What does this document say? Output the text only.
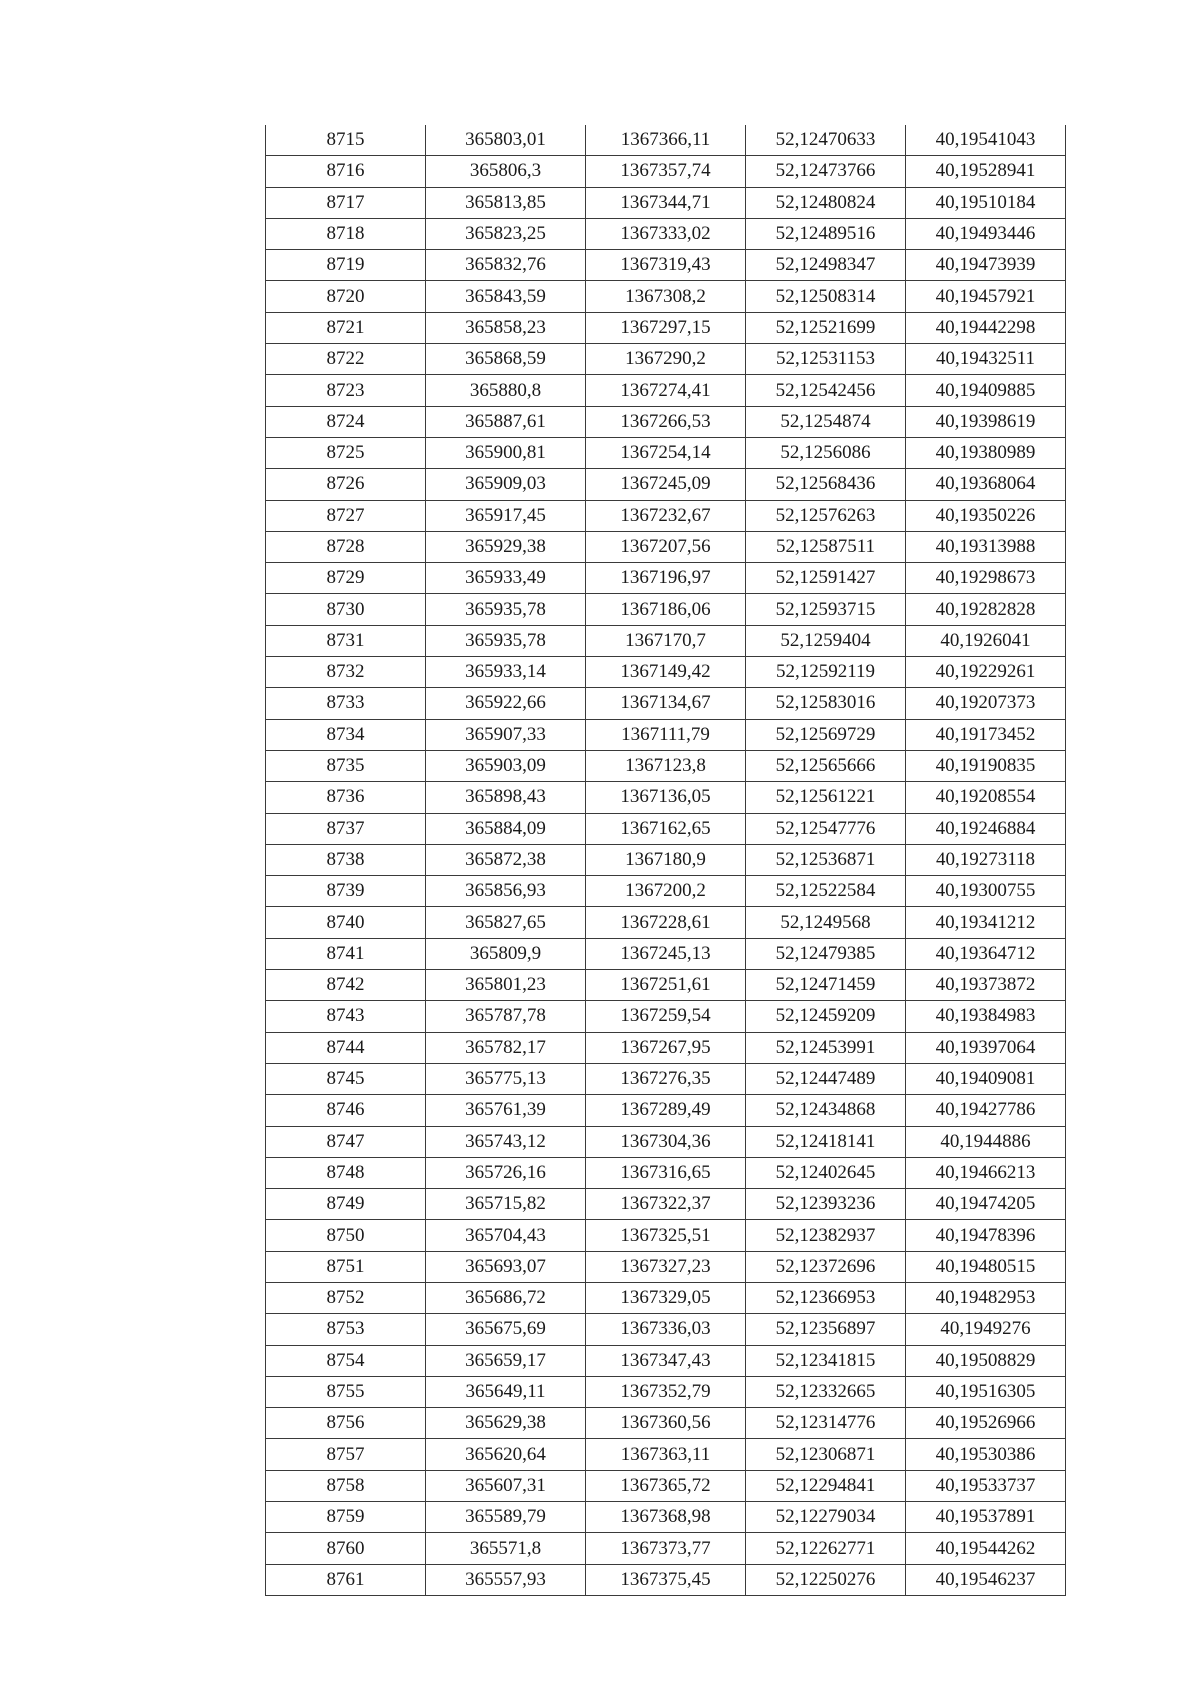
8715	365803,01	1367366,11	52,12470633	40,19541043
8716	365806,3	1367357,74	52,12473766	40,19528941
8717	365813,85	1367344,71	52,12480824	40,19510184
8718	365823,25	1367333,02	52,12489516	40,19493446
8719	365832,76	1367319,43	52,12498347	40,19473939
8720	365843,59	1367308,2	52,12508314	40,19457921
8721	365858,23	1367297,15	52,12521699	40,19442298
8722	365868,59	1367290,2	52,12531153	40,19432511
8723	365880,8	1367274,41	52,12542456	40,19409885
8724	365887,61	1367266,53	52,1254874	40,19398619
8725	365900,81	1367254,14	52,1256086	40,19380989
8726	365909,03	1367245,09	52,12568436	40,19368064
8727	365917,45	1367232,67	52,12576263	40,19350226
8728	365929,38	1367207,56	52,12587511	40,19313988
8729	365933,49	1367196,97	52,12591427	40,19298673
8730	365935,78	1367186,06	52,12593715	40,19282828
8731	365935,78	1367170,7	52,1259404	40,1926041
8732	365933,14	1367149,42	52,12592119	40,19229261
8733	365922,66	1367134,67	52,12583016	40,19207373
8734	365907,33	1367111,79	52,12569729	40,19173452
8735	365903,09	1367123,8	52,12565666	40,19190835
8736	365898,43	1367136,05	52,12561221	40,19208554
8737	365884,09	1367162,65	52,12547776	40,19246884
8738	365872,38	1367180,9	52,12536871	40,19273118
8739	365856,93	1367200,2	52,12522584	40,19300755
8740	365827,65	1367228,61	52,1249568	40,19341212
8741	365809,9	1367245,13	52,12479385	40,19364712
8742	365801,23	1367251,61	52,12471459	40,19373872
8743	365787,78	1367259,54	52,12459209	40,19384983
8744	365782,17	1367267,95	52,12453991	40,19397064
8745	365775,13	1367276,35	52,12447489	40,19409081
8746	365761,39	1367289,49	52,12434868	40,19427786
8747	365743,12	1367304,36	52,12418141	40,1944886
8748	365726,16	1367316,65	52,12402645	40,19466213
8749	365715,82	1367322,37	52,12393236	40,19474205
8750	365704,43	1367325,51	52,12382937	40,19478396
8751	365693,07	1367327,23	52,12372696	40,19480515
8752	365686,72	1367329,05	52,12366953	40,19482953
8753	365675,69	1367336,03	52,12356897	40,1949276
8754	365659,17	1367347,43	52,12341815	40,19508829
8755	365649,11	1367352,79	52,12332665	40,19516305
8756	365629,38	1367360,56	52,12314776	40,19526966
8757	365620,64	1367363,11	52,12306871	40,19530386
8758	365607,31	1367365,72	52,12294841	40,19533737
8759	365589,79	1367368,98	52,12279034	40,19537891
8760	365571,8	1367373,77	52,12262771	40,19544262
8761	365557,93	1367375,45	52,12250276	40,19546237
